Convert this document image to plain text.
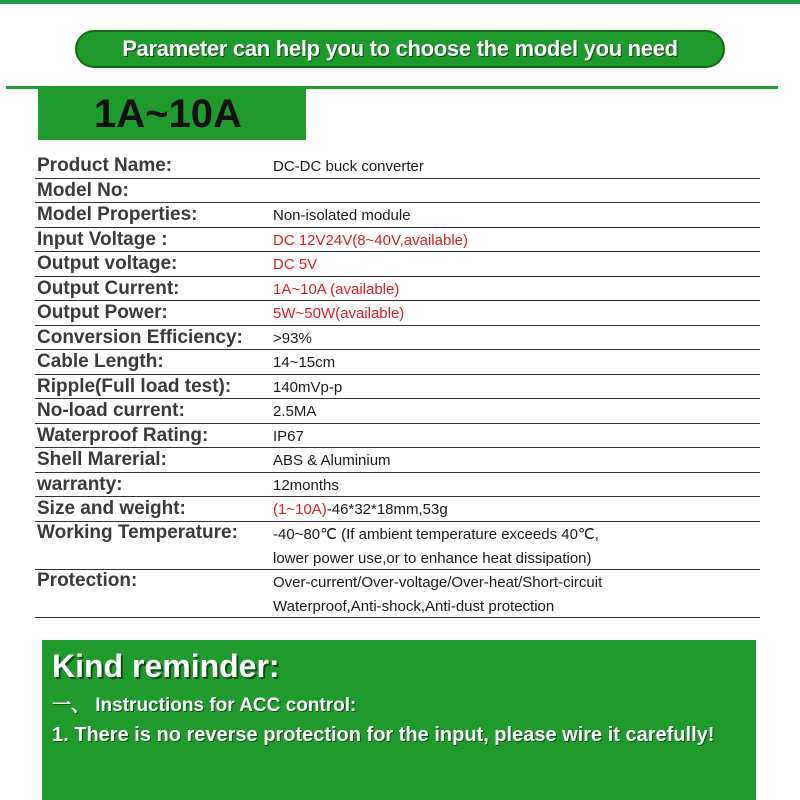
Parameter can help you to choose the model you need
1A~10A
Product Name:	DC-DC buck converter
Model No:
Model Properties:	Non-isolated module
Input Voltage :	DC 12V24V(8~40V,available)
Output voltage:	DC 5V
Output Current:	1A~10A (available)
Output Power:	5W~50W(available)
Conversion Efficiency: >93%
Cable Length:	14~15cm
Ripple(Full load test):	140mVp-p
No-load current:	2.5MA
Waterproof Rating:	IP67
Shell Marerial:	ABS & Aluminium
warranty:	12months
Size and weight:	(1~10A)-46*32*18mm,53g
Working Temperature: -40~80℃ (If ambient temperature exceeds 40℃,
lower power use,or to enhance heat dissipation)
Protection:	Over-current/Over-voltage/Over-heat/Short-circuit
Waterproof,Anti-shock,Anti-dust protection
Kind reminder:
一、 Instructions for ACC control:
1. There is no reverse protection for the input, please wire it carefully!
